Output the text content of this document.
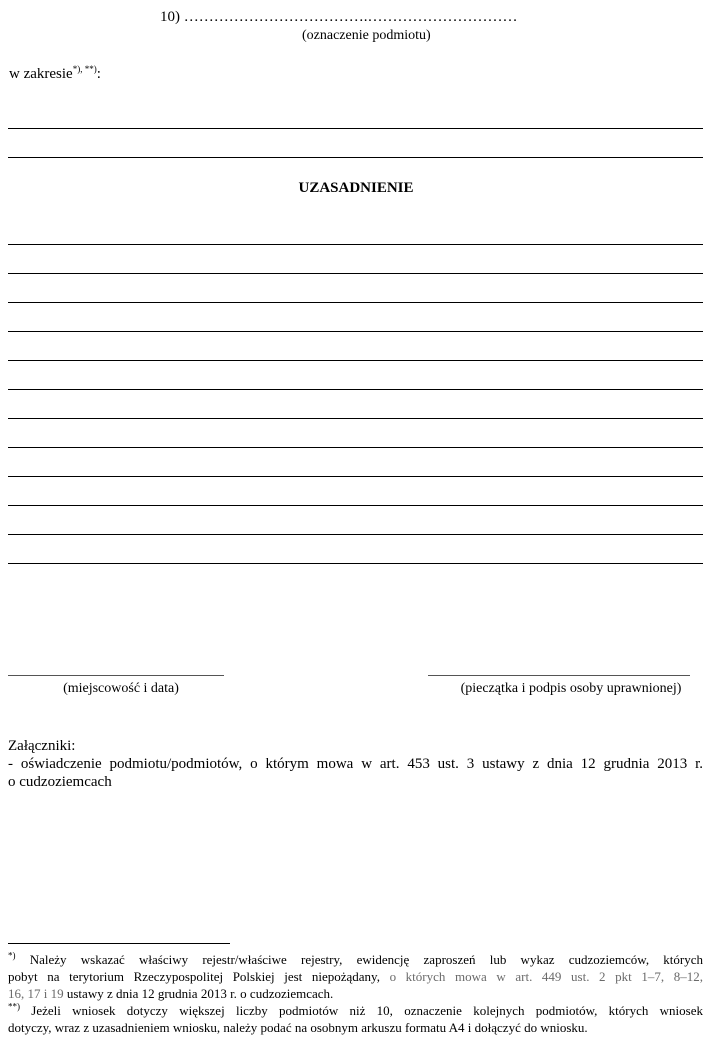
10) ……………………………….…………………………
(oznaczenie podmiotu)
w zakresie*), **):
UZASADNIENIE
(miejscowość i data)	(pieczątka i podpis osoby uprawnionej)
Załączniki:
- oświadczenie podmiotu/podmiotów, o którym mowa w art. 453 ust. 3 ustawy z dnia 12 grudnia 2013 r.
o cudzoziemcach
*) Należy wskazać właściwy rejestr/właściwe rejestry, ewidencję zaproszeń lub wykaz cudzoziemców, których
pobyt na terytorium Rzeczypospolitej Polskiej jest niepożądany, o których mowa w art. 449 ust. 2 pkt 1–7, 8–12,
16, 17 i 19 ustawy z dnia 12 grudnia 2013 r. o cudzoziemcach.
**) Jeżeli wniosek dotyczy większej liczby podmiotów niż 10, oznaczenie kolejnych podmiotów, których wniosek
dotyczy, wraz z uzasadnieniem wniosku, należy podać na osobnym arkuszu formatu A4 i dołączyć do wniosku.
